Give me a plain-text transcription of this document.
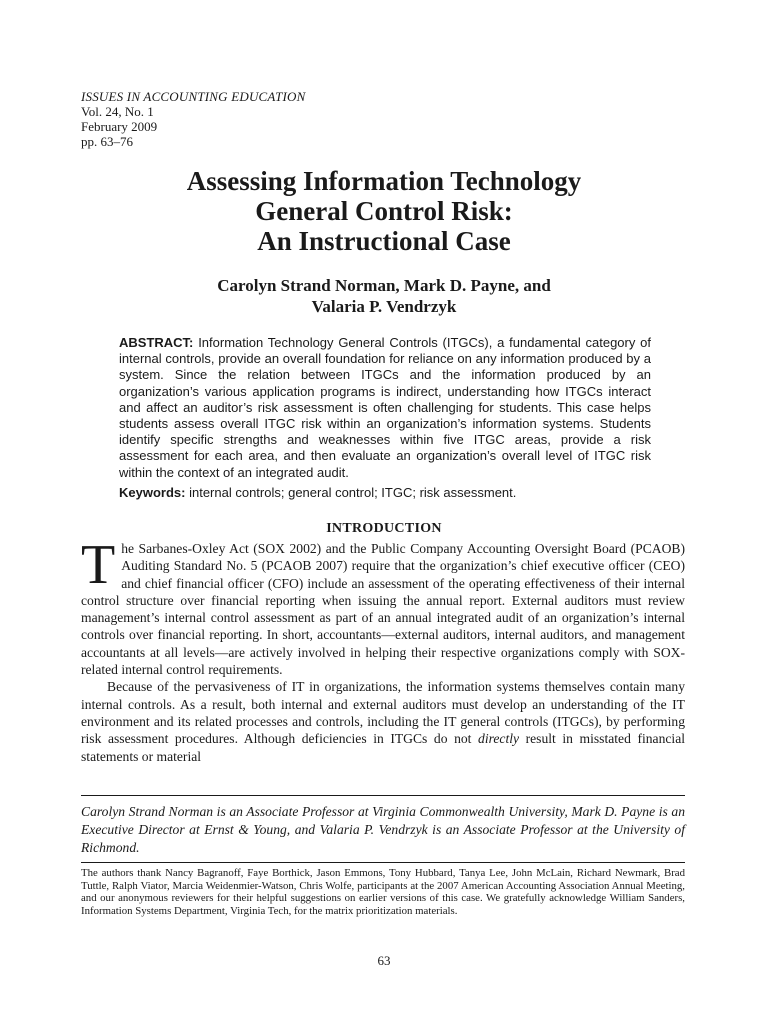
ISSUES IN ACCOUNTING EDUCATION
Vol. 24, No. 1
February 2009
pp. 63–76
Assessing Information Technology
General Control Risk:
An Instructional Case
Carolyn Strand Norman, Mark D. Payne, and
Valaria P. Vendrzyk

ABSTRACT: Information Technology General Controls (ITGCs), a fundamental category of internal controls, provide an overall foundation for reliance on any information produced by a system. Since the relation between ITGCs and the information produced by an organization’s various application programs is indirect, understanding how ITGCs interact and affect an auditor’s risk assessment is often challenging for students. This case helps students assess overall ITGC risk within an organization’s information systems. Students identify specific strengths and weaknesses within five ITGC areas, provide a risk assessment for each area, and then evaluate an organization’s overall level of ITGC risk within the context of an integrated audit.

Keywords: internal controls; general control; ITGC; risk assessment.

INTRODUCTION

The Sarbanes-Oxley Act (SOX 2002) and the Public Company Accounting Oversight Board (PCAOB) Auditing Standard No. 5 (PCAOB 2007) require that the organization’s chief executive officer (CEO) and chief financial officer (CFO) include an assessment of the operating effectiveness of their internal control structure over financial reporting when issuing the annual report. External auditors must review management’s internal control assessment as part of an annual integrated audit of an organization’s internal controls over financial reporting. In short, accountants—external auditors, internal auditors, and management accountants at all levels—are actively involved in helping their respective organizations comply with SOX-related internal control requirements.

Because of the pervasiveness of IT in organizations, the information systems themselves contain many internal controls. As a result, both internal and external auditors must develop an understanding of the IT environment and its related processes and controls, including the IT general controls (ITGCs), by performing risk assessment procedures. Although deficiencies in ITGCs do not directly result in misstated financial statements or material

Carolyn Strand Norman is an Associate Professor at Virginia Commonwealth University, Mark D. Payne is an Executive Director at Ernst & Young, and Valaria P. Vendrzyk is an Associate Professor at the University of Richmond.

The authors thank Nancy Bagranoff, Faye Borthick, Jason Emmons, Tony Hubbard, Tanya Lee, John McLain, Richard Newmark, Brad Tuttle, Ralph Viator, Marcia Weidenmier-Watson, Chris Wolfe, participants at the 2007 American Accounting Association Annual Meeting, and our anonymous reviewers for their helpful suggestions on earlier versions of this case. We gratefully acknowledge William Sanders, Information Systems Department, Virginia Tech, for the matrix prioritization materials.

63
